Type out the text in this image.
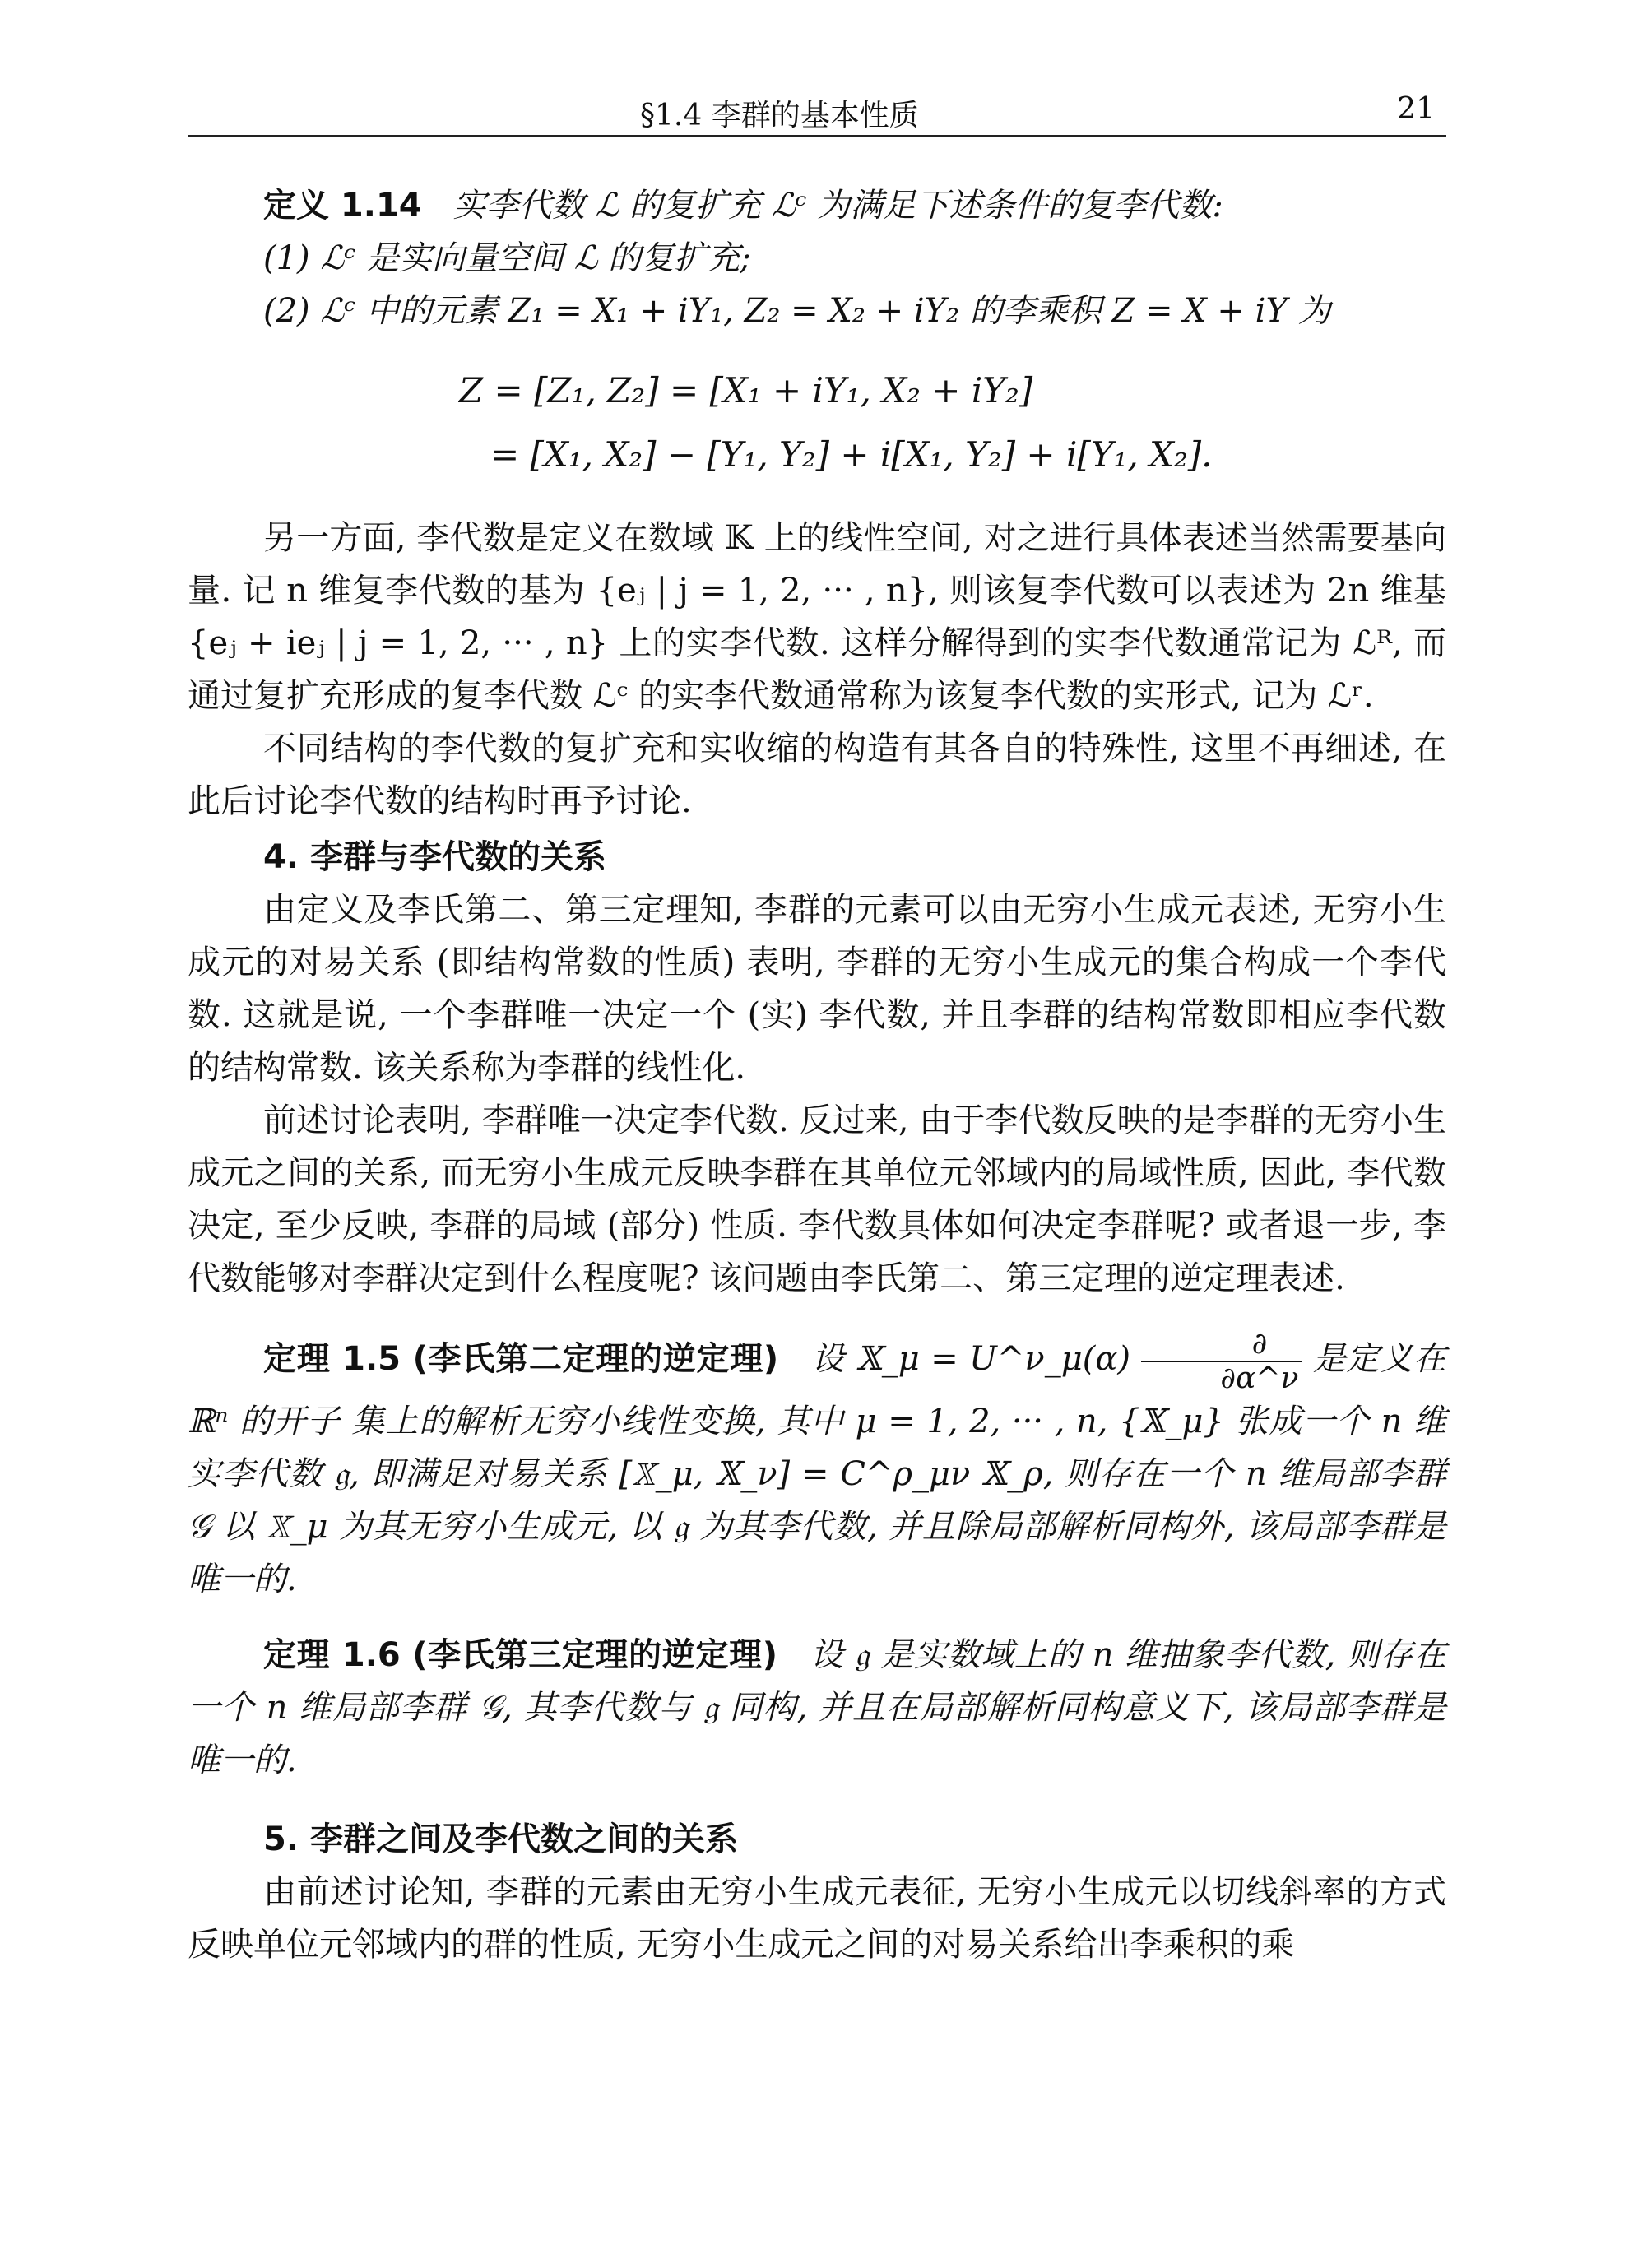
§1.4 李群的基本性质	21

定义 1.14 实李代数 ℒ 的复扩充 ℒᶜ 为满足下述条件的复李代数:

(1) ℒᶜ 是实向量空间 ℒ 的复扩充;

(2) ℒᶜ 中的元素 Z₁ = X₁ + iY₁, Z₂ = X₂ + iY₂ 的李乘积 Z = X + iY 为

Z = [Z₁, Z₂] = [X₁ + iY₁, X₂ + iY₂]
= [X₁, X₂] − [Y₁, Y₂] + i[X₁, Y₂] + i[Y₁, X₂].

另一方面, 李代数是定义在数域 𝕂 上的线性空间, 对之进行具体表述当然需要基向量. 记 n 维复李代数的基为 {eⱼ | j = 1, 2, ··· , n}, 则该复李代数可以表述为 2n 维基 {eⱼ + ieⱼ | j = 1, 2, ··· , n} 上的实李代数. 这样分解得到的实李代数通常记为 ℒᴿ, 而通过复扩充形成的复李代数 ℒᶜ 的实李代数通常称为该复李代数的实形式, 记为 ℒʳ.

不同结构的李代数的复扩充和实收缩的构造有其各自的特殊性, 这里不再细述, 在此后讨论李代数的结构时再予讨论.

4. 李群与李代数的关系

由定义及李氏第二、第三定理知, 李群的元素可以由无穷小生成元表述, 无穷小生成元的对易关系 (即结构常数的性质) 表明, 李群的无穷小生成元的集合构成一个李代数. 这就是说, 一个李群唯一决定一个 (实) 李代数, 并且李群的结构常数即相应李代数的结构常数. 该关系称为李群的线性化.

前述讨论表明, 李群唯一决定李代数. 反过来, 由于李代数反映的是李群的无穷小生成元之间的关系, 而无穷小生成元反映李群在其单位元邻域内的局域性质, 因此, 李代数决定, 至少反映, 李群的局域 (部分) 性质. 李代数具体如何决定李群呢? 或者退一步, 李代数能够对李群决定到什么程度呢? 该问题由李氏第二、第三定理的逆定理表述.

定理 1.5 (李氏第二定理的逆定理) 设 𝕏_μ = U^ν_μ(α) $\frac{\partial}{\partial\alpha\^{}\nu}$ 是定义在 ℝⁿ 的开子 集上的解析无穷小线性变换, 其中 μ = 1, 2, ··· , n, {𝕏_μ} 张成一个 n 维实李代数 𝔤, 即满足对易关系 [𝕏_μ, 𝕏_ν] = C^ρ_μν 𝕏_ρ, 则存在一个 n 维局部李群 𝒢 以 𝕏_μ 为其无穷小生成元, 以 𝔤 为其李代数, 并且除局部解析同构外, 该局部李群是唯一的.

定理 1.6 (李氏第三定理的逆定理) 设 𝔤 是实数域上的 n 维抽象李代数, 则存在一个 n 维局部李群 𝒢, 其李代数与 𝔤 同构, 并且在局部解析同构意义下, 该局部李群是唯一的.

5. 李群之间及李代数之间的关系

由前述讨论知, 李群的元素由无穷小生成元表征, 无穷小生成元以切线斜率的方式反映单位元邻域内的群的性质, 无穷小生成元之间的对易关系给出李乘积的乘
